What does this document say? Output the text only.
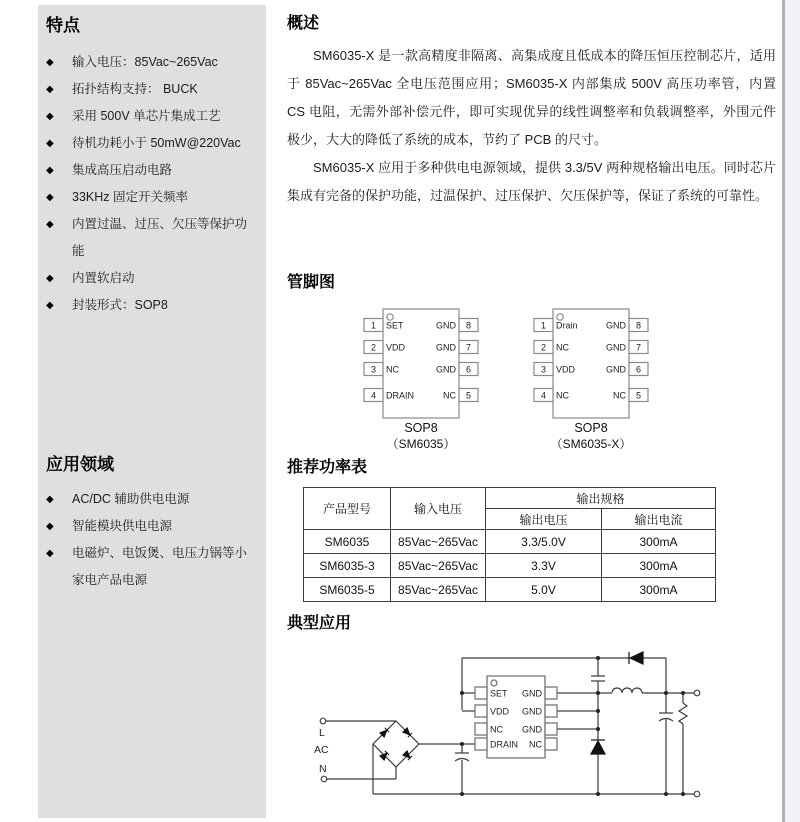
特点
◆	输入电压：85Vac~265Vac
◆	拓扑结构支持： BUCK
◆	采用 500V 单芯片集成工艺
◆	待机功耗小于 50mW@220Vac
◆	集成高压启动电路
◆	33KHz 固定开关频率
◆	内置过温、过压、欠压等保护功能
◆	内置软启动
◆	封装形式：SOP8
应用领域
◆	AC/DC 辅助供电电源
◆	智能模块供电电源
◆	电磁炉、电饭煲、电压力锅等小家电产品电源
概述

SM6035-X 是一款高精度非隔离、高集成度且低成本的降压恒压控制芯片，适用于 85Vac~265Vac 全电压范围应用；SM6035-X 内部集成 500V 高压功率管，内置 CS 电阻，无需外部补偿元件，即可实现优异的线性调整率和负载调整率，外围元件极少，大大的降低了系统的成本，节约了 PCB 的尺寸。

SM6035-X 应用于多种供电电源领域，提供 3.3/5V 两种规格输出电压。同时芯片集成有完备的保护功能，过温保护、过压保护、欠压保护等，保证了系统的可靠性。

管脚图
1
2
3
4
8
7
6
5
SET
VDD
NC
DRAIN
GND
GND
GND
NC
SOP8
（SM6035）
1
2
3
4
8
7
6
5
Drain
NC
VDD
NC
GND
GND
GND
NC
SOP8
（SM6035-X）
推荐功率表
产品型号	输入电压	输出规格	
		输出电压	输出电流
SM6035	85Vac~265Vac	3.3/5.0V	300mA
SM6035-3	85Vac~265Vac	3.3V	300mA
SM6035-5	85Vac~265Vac	5.0V	300mA
典型应用
SET
VDD
NC
DRAIN
GND
GND
GND
NC
L
AC
N
